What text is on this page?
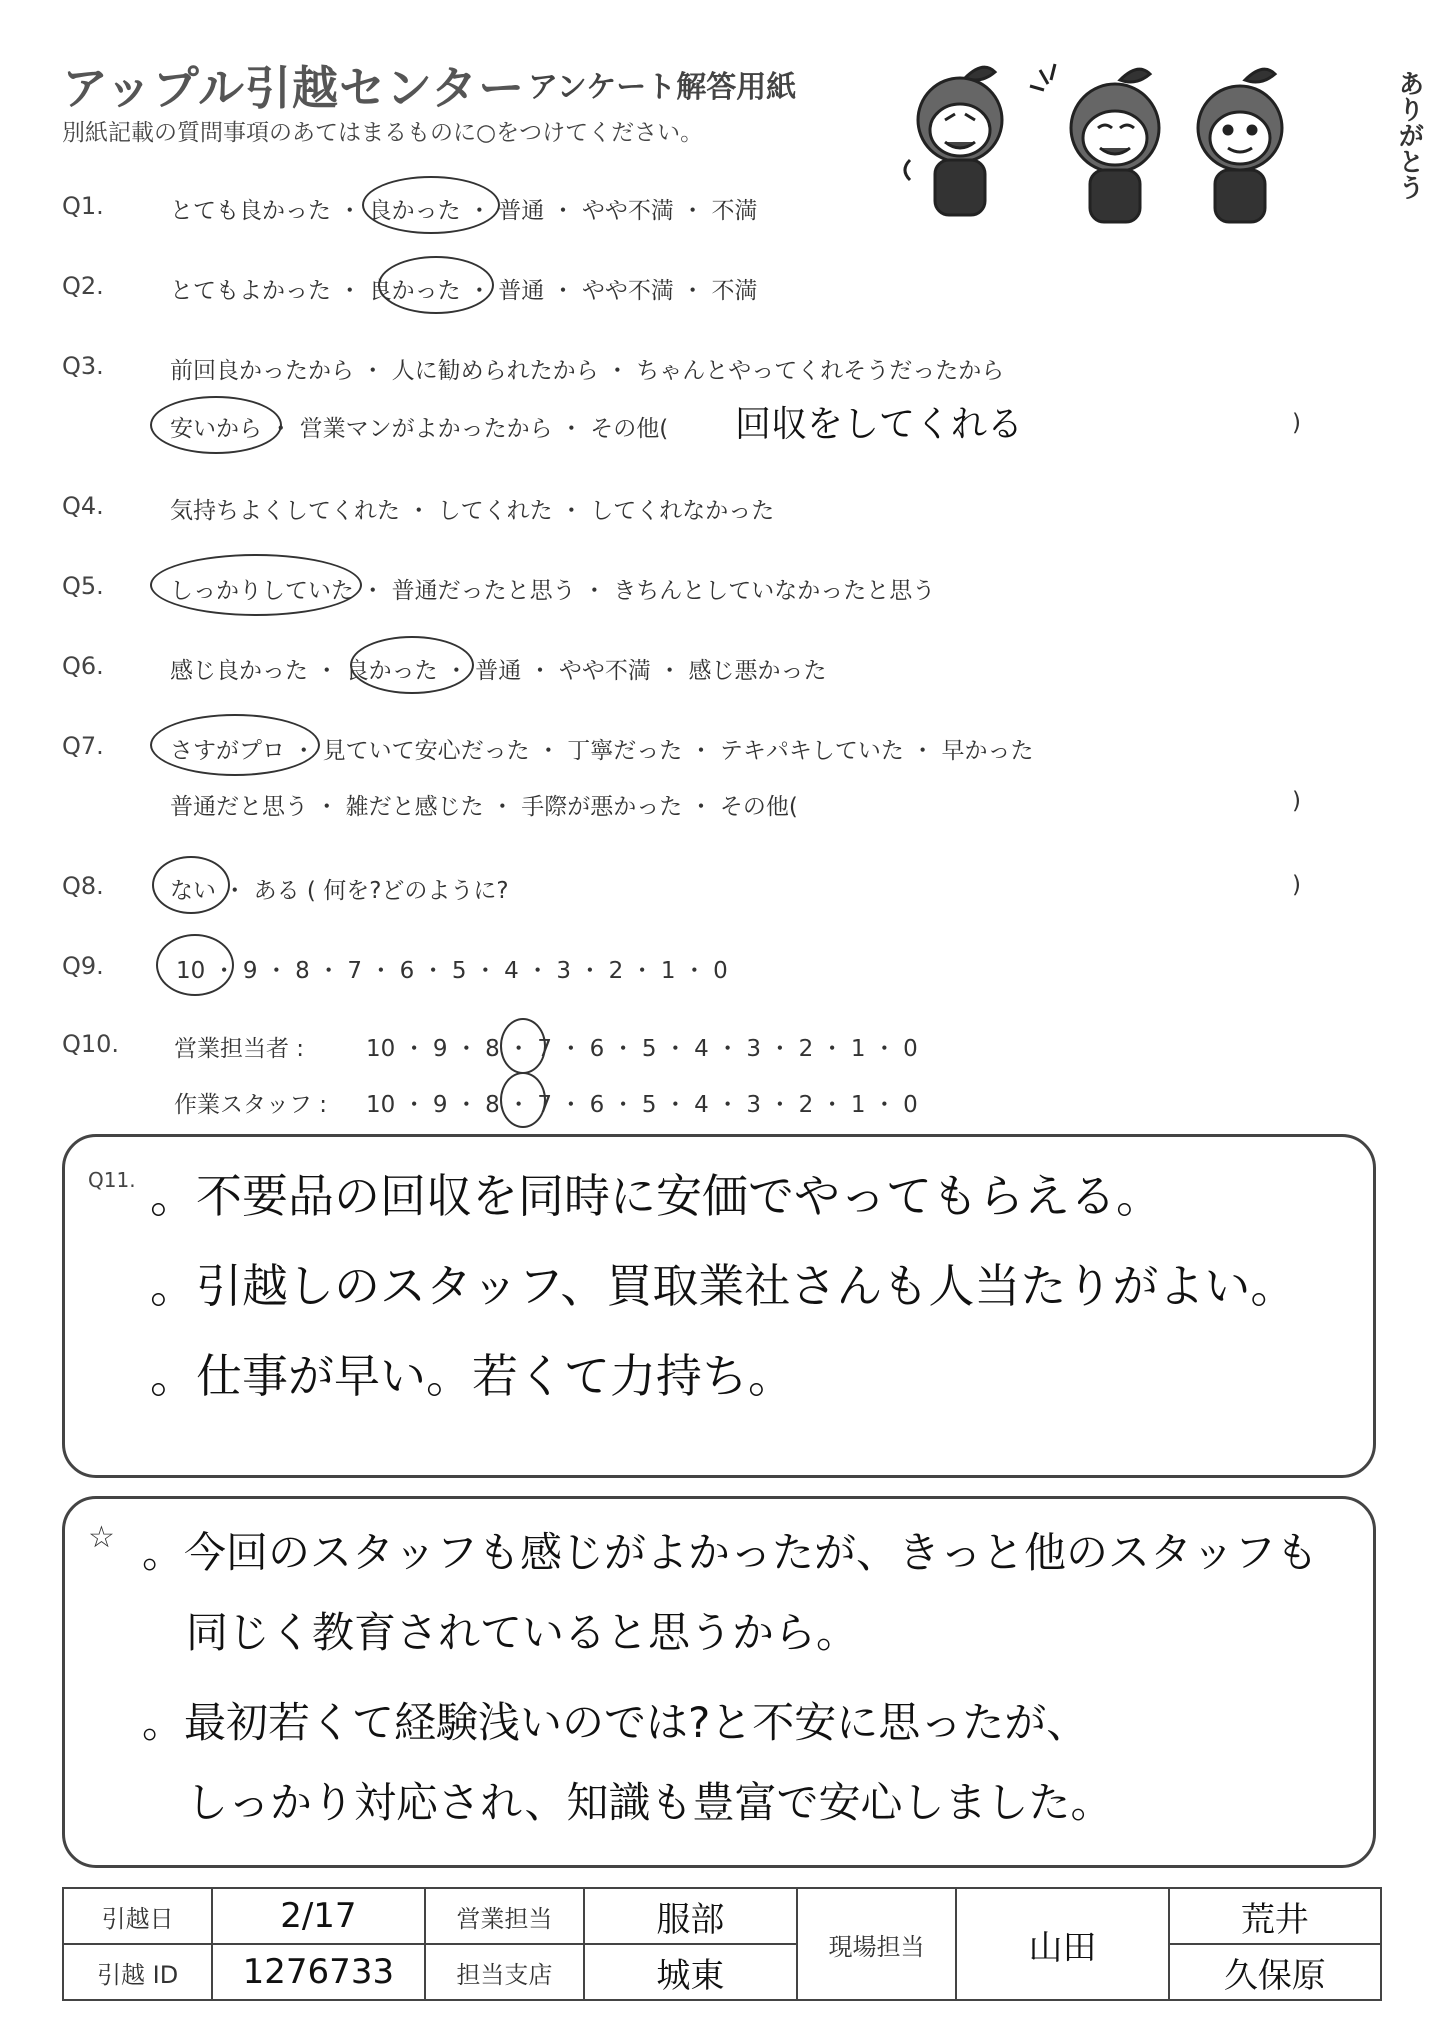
アップル引越センター アンケート解答用紙
別紙記載の質問事項のあてはまるものに○をつけてください。	ありがとう
Q1.	とても良かった ・ 良かった ・ 普通 ・ やや不満 ・ 不満
Q2.	とてもよかった ・ 良かった ・ 普通 ・ やや不満 ・ 不満
Q3.	前回良かったから ・ 人に勧められたから ・ ちゃんとやってくれそうだったから
安いから ・ 営業マンがよかったから ・ その他( 回収をしてくれる	)
Q4.	気持ちよくしてくれた ・ してくれた ・ してくれなかった
Q5.	しっかりしていた ・ 普通だったと思う ・ きちんとしていなかったと思う
Q6.	感じ良かった ・ 良かった ・ 普通 ・ やや不満 ・ 感じ悪かった
Q7.	さすがプロ ・ 見ていて安心だった ・ 丁寧だった ・ テキパキしていた ・ 早かった
普通だと思う ・ 雑だと感じた ・ 手際が悪かった ・ その他(	)
Q8.	ない ・ ある ( 何を?どのように?	)
Q9.	10 ・ 9 ・ 8 ・ 7 ・ 6 ・ 5 ・ 4 ・ 3 ・ 2 ・ 1 ・ 0
Q10. 営業担当者 :	10 ・ 9 ・ 8 ・ 7 ・ 6 ・ 5 ・ 4 ・ 3 ・ 2 ・ 1 ・ 0
作業スタッフ : 10 ・ 9 ・ 8 ・ 7 ・ 6 ・ 5 ・ 4 ・ 3 ・ 2 ・ 1 ・ 0
Q11. 。不要品の回収を同時に安価でやってもらえる。
。引越しのスタッフ、買取業社さんも人当たりがよい。
。仕事が早い。若くて力持ち。
☆ 。今回のスタッフも感じがよかったが、きっと他のスタッフも
同じく教育されていると思うから。
。最初若くて経験浅いのでは?と不安に思ったが、
しっかり対応され、知識も豊富で安心しました。
引越日	2/17	営業担当	服部	現場担当	山田	荒井
引越 ID	1276733	担当支店	城東			久保原
